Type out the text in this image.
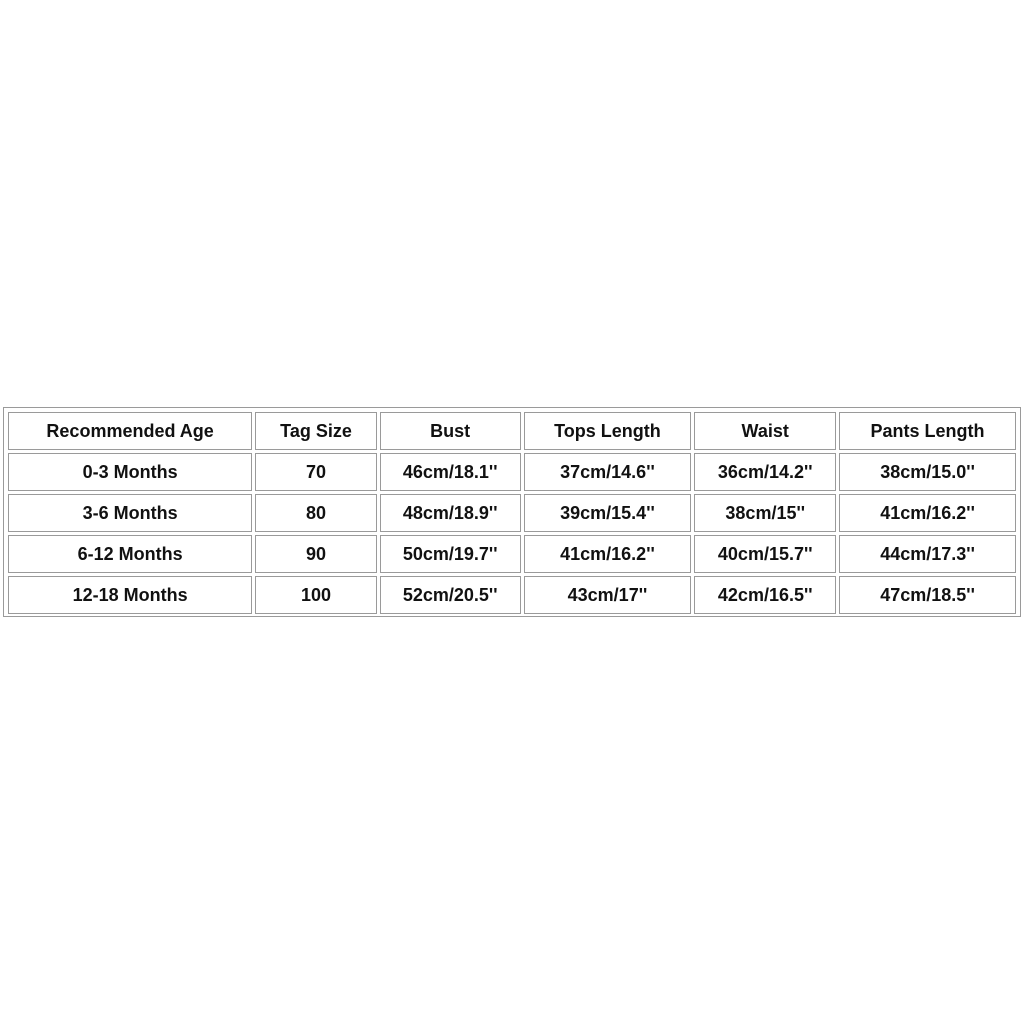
Recommended Age	Tag Size	Bust	Tops Length	Waist	Pants Length
0-3 Months	70	46cm/18.1''	37cm/14.6''	36cm/14.2''	38cm/15.0''
3-6 Months	80	48cm/18.9''	39cm/15.4''	38cm/15''	41cm/16.2''
6-12 Months	90	50cm/19.7''	41cm/16.2''	40cm/15.7''	44cm/17.3''
12-18 Months	100	52cm/20.5''	43cm/17''	42cm/16.5''	47cm/18.5''
